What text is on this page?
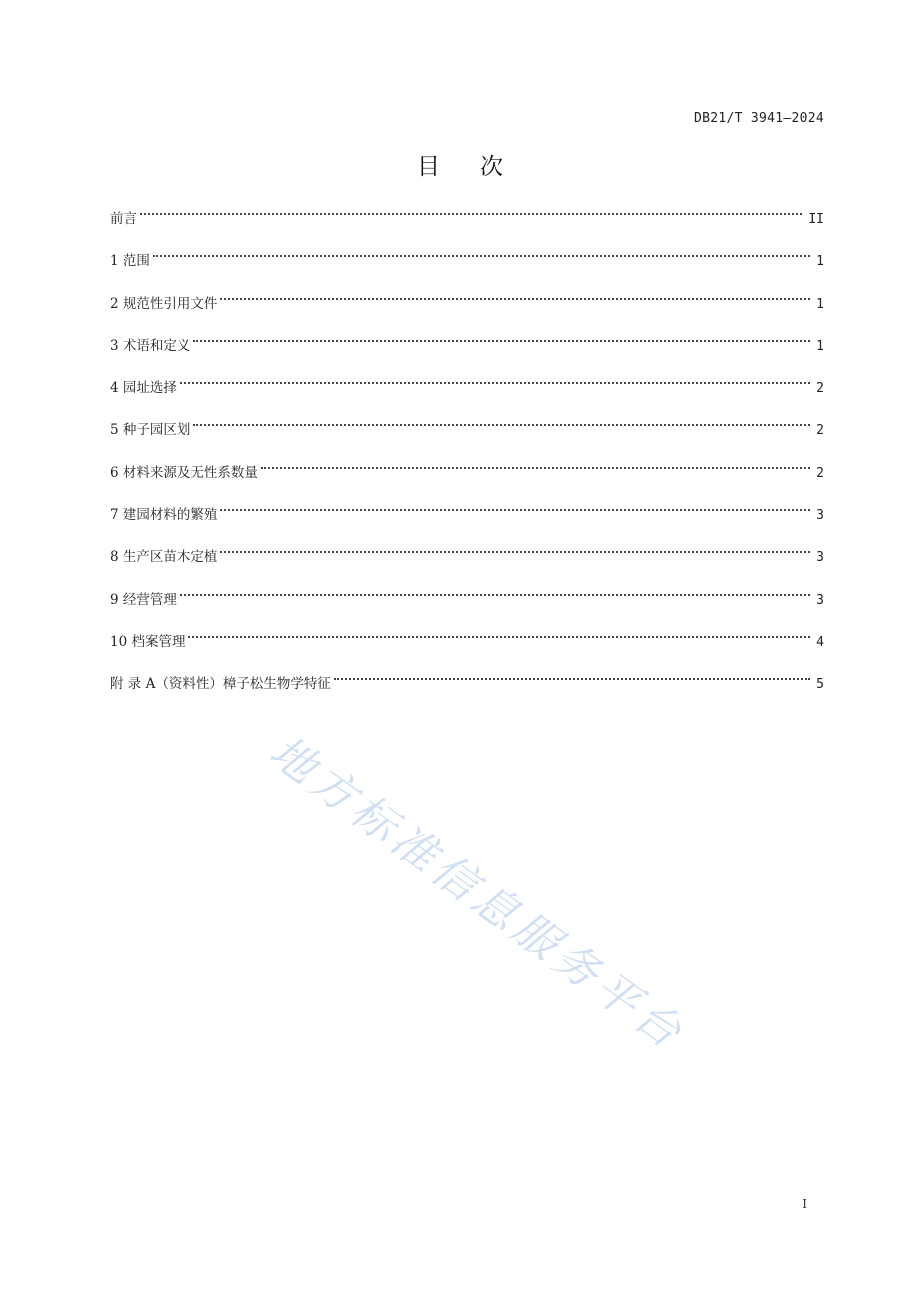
DB21/T 3941—2024
目次
前言	II
1 范围	1
2 规范性引用文件	1
3 术语和定义	1
4 园址选择	2
5 种子园区划	2
6 材料来源及无性系数量	2
7 建园材料的繁殖	3
8 生产区苗木定植	3
9 经营管理	3
10 档案管理	4
附 录 A（资料性）樟子松生物学特征	5
地方标准信息服务平台
I
